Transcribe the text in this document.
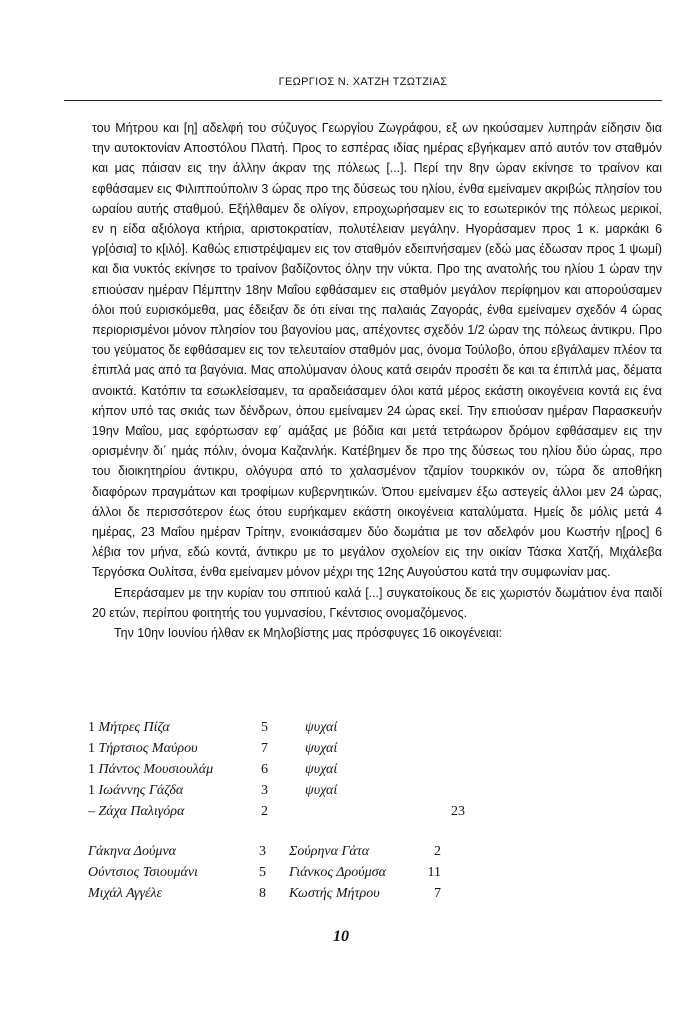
ΓΕΩΡΓΙΟΣ Ν. ΧΑΤΖΗ ΤΖΩΤΖΙΑΣ

του Μήτρου και [η] αδελφή του σύζυγος Γεωργίου Ζωγράφου, εξ ων ηκούσαμεν λυπηράν είδησιν δια την αυτοκτονίαν Αποστόλου Πλατή. Προς το εσπέρας ιδίας ημέρας εβγήκαμεν από αυτόν τον σταθμόν και μας πάισαν εις την άλλην άκραν της πόλεως [...]. Περί την 8ην ώραν εκίνησε το τραίνον και εφθάσαμεν εις Φιλιππούπολιν 3 ώρας προ της δύσεως του ηλίου, ένθα εμείναμεν ακριβώς πλησίον του ωραίου αυτής σταθμού. Εξήλθαμεν δε ολίγον, επροχωρήσαμεν εις το εσωτερικόν της πόλεως μερικοί, εν η είδα αξιόλογα κτήρια, αριστοκρατίαν, πολυτέλειαν μεγάλην. Ηγοράσαμεν προς 1 κ. μαρκάκι 6 γρ[όσια] το κ[ιλό]. Καθώς επιστρέψαμεν εις τον σταθμόν εδειπνήσαμεν (εδώ μας έδωσαν προς 1 ψωμί) και δια νυκτός εκίνησε το τραίνον βαδίζοντος όλην την νύκτα. Προ της ανατολής του ηλίου 1 ώραν την επιούσαν ημέραν Πέμπτην 18ην Μαΐου εφθάσαμεν εις σταθμόν μεγάλον περίφημον και απορούσαμεν όλοι πού ευρισκόμεθα, μας έδειξαν δε ότι είναι της παλαιάς Ζαγοράς, ένθα εμείναμεν σχεδόν 4 ώρας περιορισμένοι μόνον πλησίον του βαγονίου μας, απέχοντες σχεδόν 1/2 ώραν της πόλεως άντικρυ. Προ του γεύματος δε εφθάσαμεν εις τον τελευταίον σταθμόν μας, όνομα Τούλοβο, όπου εβγάλαμεν πλέον τα έπιπλά μας από τα βαγόνια. Μας απολύμαναν όλους κατά σειράν προσέτι δε και τα έπιπλά μας, δέματα ανοικτά. Κατόπιν τα εσωκλείσαμεν, τα αραδειάσαμεν όλοι κατά μέρος εκάστη οικογένεια κοντά εις ένα κήπον υπό τας σκιάς των δένδρων, όπου εμείναμεν 24 ώρας εκεί. Την επιούσαν ημέραν Παρασκευήν 19ην Μαΐου, μας εφόρτωσαν εφ΄ αμάξας με βόδια και μετά τετράωρον δρόμον εφθάσαμεν εις την ορισμένην δι΄ ημάς πόλιν, όνομα Καζανλήκ. Κατέβημεν δε προ της δύσεως του ηλίου δύο ώρας, προ του διοικητηρίου άντικρυ, ολόγυρα από το χαλασμένον τζαμίον τουρκικόν ον, τώρα δε αποθήκη διαφόρων πραγμάτων και τροφίμων κυβερνητικών. Όπου εμείναμεν έξω αστεγείς άλλοι μεν 24 ώρας, άλλοι δε περισσότερον έως ότου ευρήκαμεν εκάστη οικογένεια καταλύματα. Ημείς δε μόλις μετά 4 ημέρας, 23 Μαΐου ημέραν Τρίτην, ενοικιάσαμεν δύο δωμάτια με τον αδελφόν μου Κωστήν η[ρος] 6 λέβια τον μήνα, εδώ κοντά, άντικρυ με το μεγάλον σχολείον εις την οικίαν Τάσκα Χατζή, Μιχάλεβα Τεργόσκα Ουλίτσα, ένθα εμείναμεν μόνον μέχρι της 12ης Αυγούστου κατά την συμφωνίαν μας.

Επεράσαμεν με την κυρίαν του σπιτιού καλά [...] συγκατοίκους δε εις χωριστόν δωμάτιον ένα παιδί 20 ετών, περίπου φοιτητής του γυμνασίου, Γκέντσιος ονομαζόμενος.

Την 10ην Ιουνίου ήλθαν εκ Μηλοβίστης μας πρόσφυγες 16 οικογένειαι:

1 Μήτρες Πίζα	5	ψυχαί	
1 Τήρτσιος Μαύρου	7	ψυχαί	
1 Πάντος Μουσιουλάμ	6	ψυχαί	
1 Ιωάννης Γάζδα	3	ψυχαί	
– Ζάχα Παλιγόρα	2		23
Γάκηνα Δούμνα	3	Σούρηνα Γάτα	2
Ούντσιος Τσιουμάνι	5	Γιάνκος Δρούμσα	11
Μιχάλ Αγγέλε	8	Κωστής Μήτρου	7
10
